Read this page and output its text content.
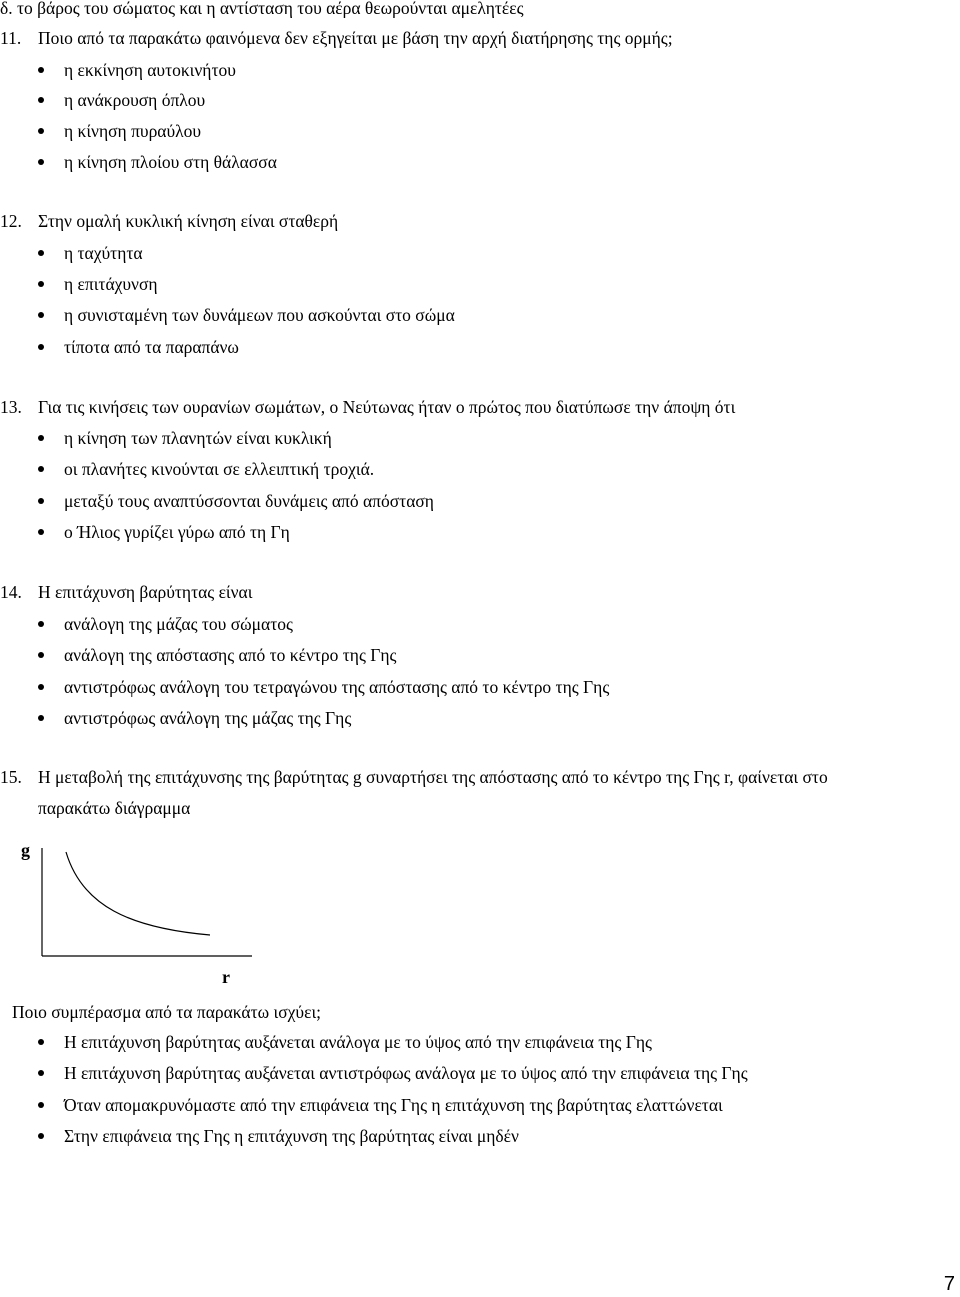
δ. το βάρος του σώματος και η αντίσταση του αέρα θεωρούνται αμελητέες
11. Ποιο από τα παρακάτω φαινόμενα δεν εξηγείται με βάση την αρχή διατήρησης της ορμής;
η εκκίνηση αυτοκινήτου
η ανάκρουση όπλου
η κίνηση πυραύλου
η κίνηση πλοίου στη θάλασσα
12. Στην ομαλή κυκλική κίνηση είναι σταθερή
η ταχύτητα
η επιτάχυνση
η συνισταμένη των δυνάμεων που ασκούνται στο σώμα
τίποτα από τα παραπάνω
13. Για τις κινήσεις των ουρανίων σωμάτων, ο Νεύτωνας ήταν ο πρώτος που διατύπωσε την άποψη ότι
η κίνηση των πλανητών είναι κυκλική
οι πλανήτες κινούνται σε ελλειπτική τροχιά.
μεταξύ τους αναπτύσσονται δυνάμεις από απόσταση
ο Ήλιος γυρίζει γύρω από τη Γη
14. Η επιτάχυνση βαρύτητας είναι
ανάλογη της μάζας του σώματος
ανάλογη της απόστασης από το κέντρο της Γης
αντιστρόφως ανάλογη του τετραγώνου της απόστασης από το κέντρο της Γης
αντιστρόφως ανάλογη της μάζας της Γης
15. Η μεταβολή της επιτάχυνσης της βαρύτητας g συναρτήσει της απόστασης από το κέντρο της Γης r, φαίνεται στο
παρακάτω διάγραμμα
g
r
Ποιο συμπέρασμα από τα παρακάτω ισχύει;
Η επιτάχυνση βαρύτητας αυξάνεται ανάλογα με το ύψος από την επιφάνεια της Γης
Η επιτάχυνση βαρύτητας αυξάνεται αντιστρόφως ανάλογα με το ύψος από την επιφάνεια της Γης
Όταν απομακρυνόμαστε από την επιφάνεια της Γης η επιτάχυνση της βαρύτητας ελαττώνεται
Στην επιφάνεια της Γης η επιτάχυνση της βαρύτητας είναι μηδέν
7
